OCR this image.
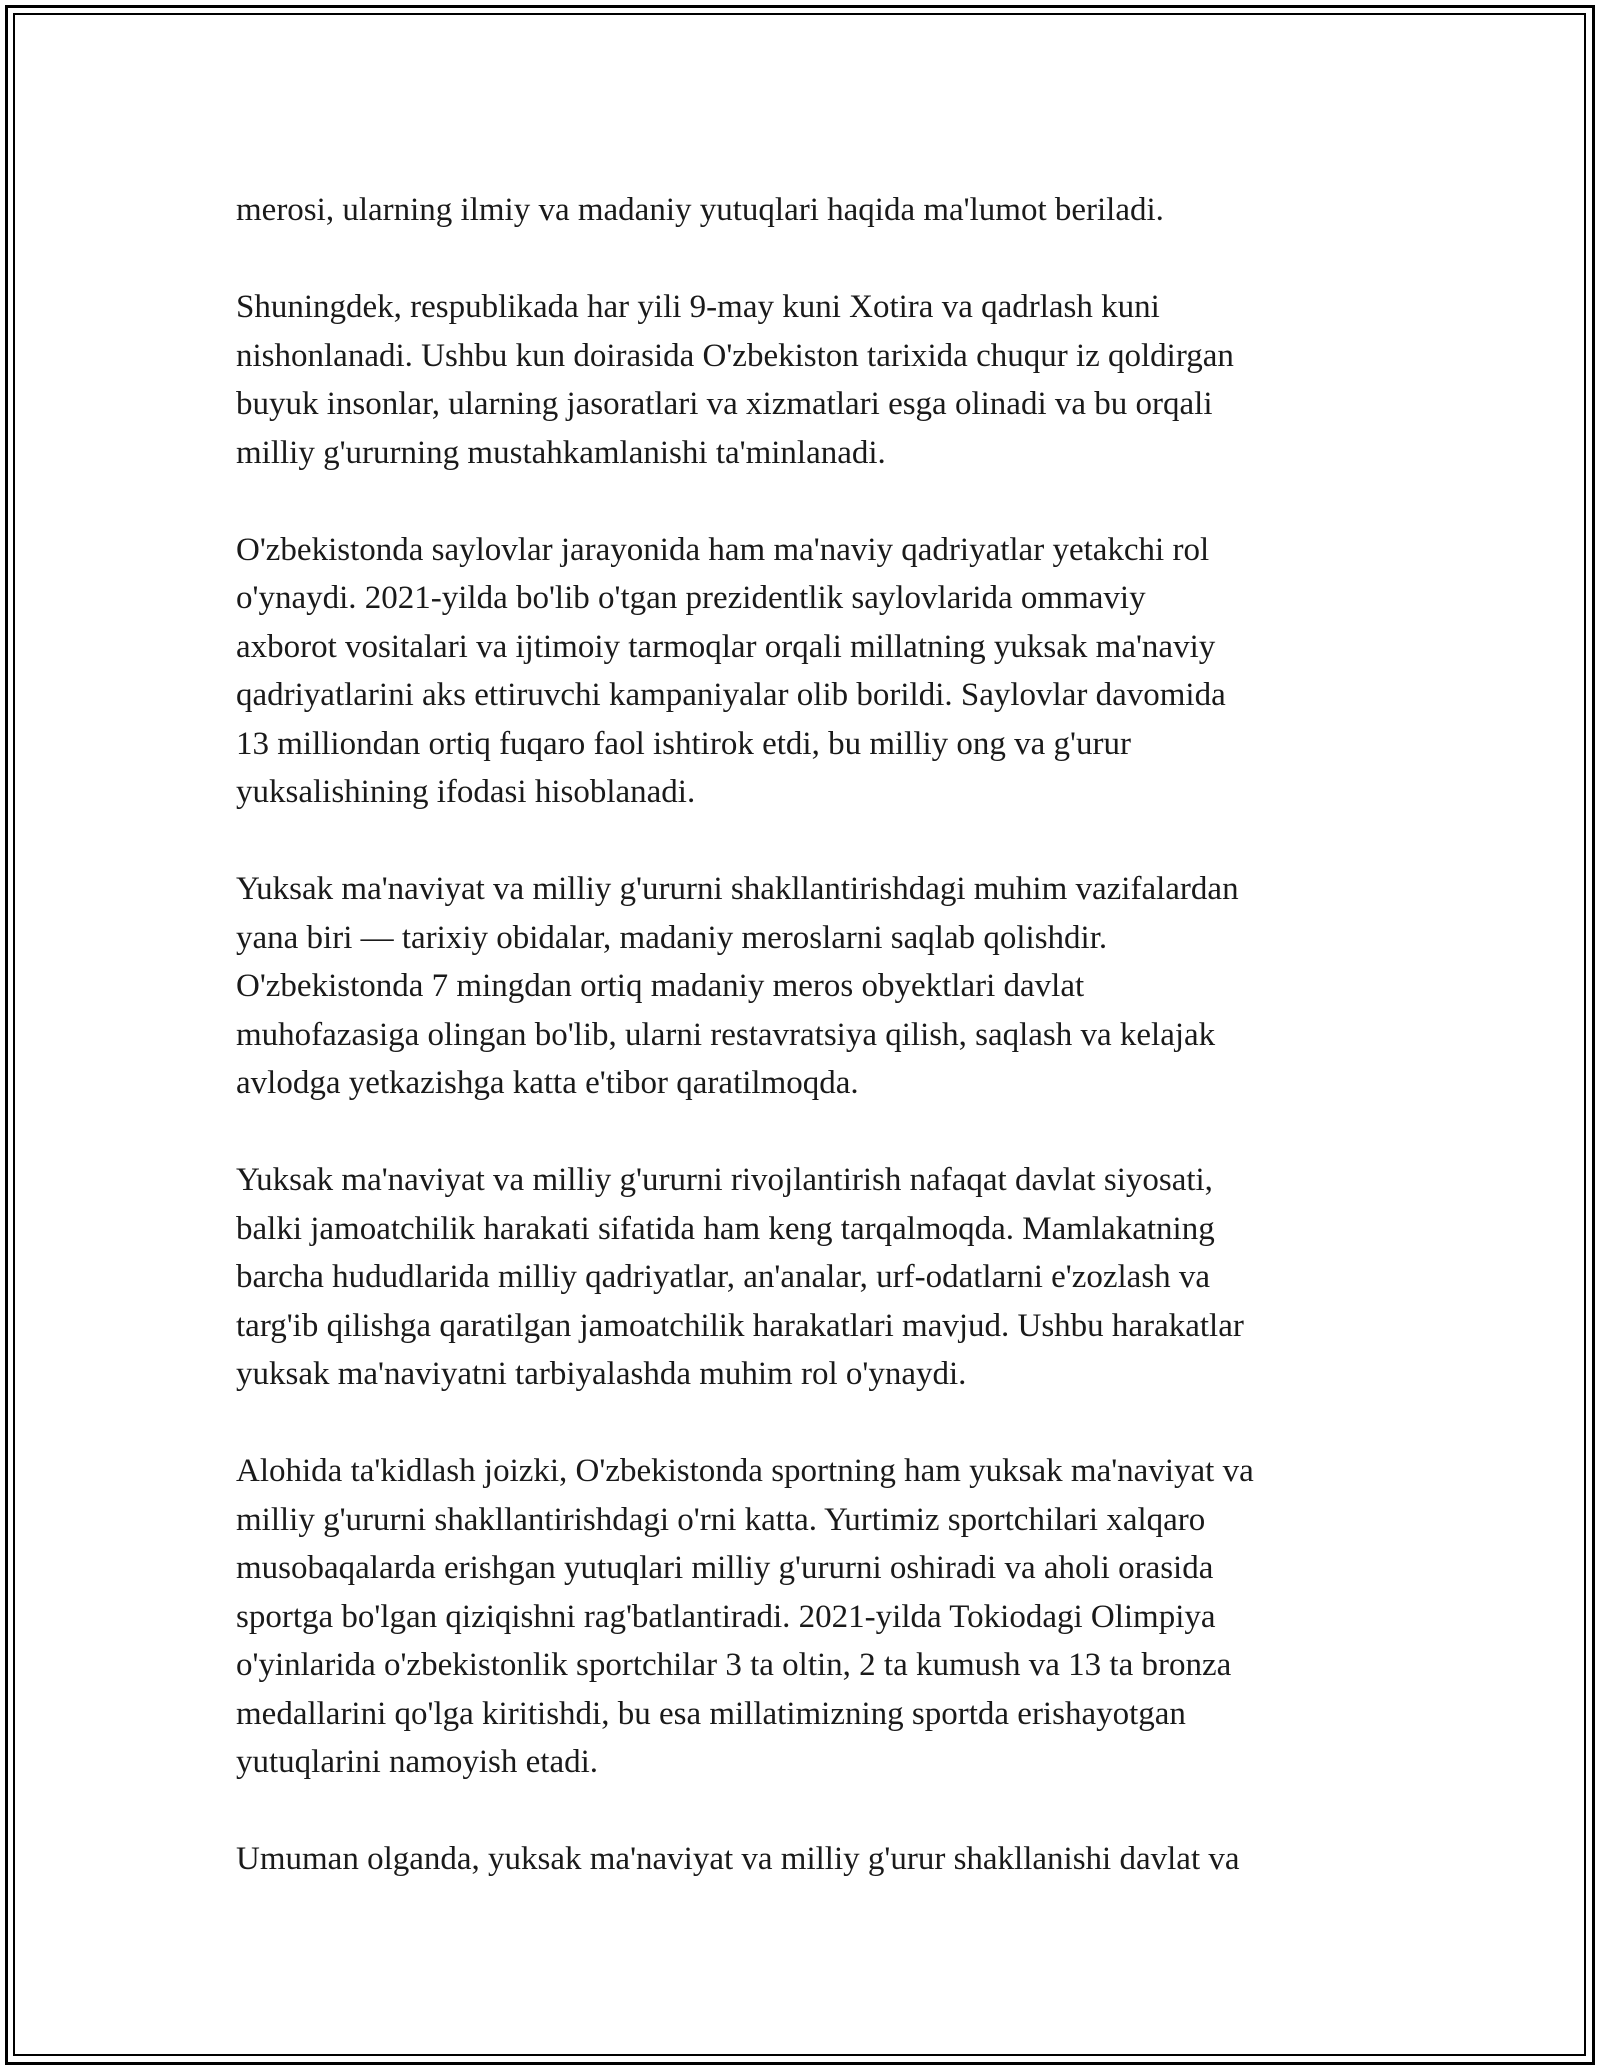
merosi, ularning ilmiy va madaniy yutuqlari haqida ma'lumot beriladi.
Shuningdek, respublikada har yili 9-may kuni Xotira va qadrlash kuni
nishonlanadi. Ushbu kun doirasida O'zbekiston tarixida chuqur iz qoldirgan
buyuk insonlar, ularning jasoratlari va xizmatlari esga olinadi va bu orqali
milliy g'ururning mustahkamlanishi ta'minlanadi.
O'zbekistonda saylovlar jarayonida ham ma'naviy qadriyatlar yetakchi rol
o'ynaydi. 2021-yilda bo'lib o'tgan prezidentlik saylovlarida ommaviy
axborot vositalari va ijtimoiy tarmoqlar orqali millatning yuksak ma'naviy
qadriyatlarini aks ettiruvchi kampaniyalar olib borildi. Saylovlar davomida
13 milliondan ortiq fuqaro faol ishtirok etdi, bu milliy ong va g'urur
yuksalishining ifodasi hisoblanadi.
Yuksak ma'naviyat va milliy g'ururni shakllantirishdagi muhim vazifalardan
yana biri — tarixiy obidalar, madaniy meroslarni saqlab qolishdir.
O'zbekistonda 7 mingdan ortiq madaniy meros obyektlari davlat
muhofazasiga olingan bo'lib, ularni restavratsiya qilish, saqlash va kelajak
avlodga yetkazishga katta e'tibor qaratilmoqda.
Yuksak ma'naviyat va milliy g'ururni rivojlantirish nafaqat davlat siyosati,
balki jamoatchilik harakati sifatida ham keng tarqalmoqda. Mamlakatning
barcha hududlarida milliy qadriyatlar, an'analar, urf-odatlarni e'zozlash va
targ'ib qilishga qaratilgan jamoatchilik harakatlari mavjud. Ushbu harakatlar
yuksak ma'naviyatni tarbiyalashda muhim rol o'ynaydi.
Alohida ta'kidlash joizki, O'zbekistonda sportning ham yuksak ma'naviyat va
milliy g'ururni shakllantirishdagi o'rni katta. Yurtimiz sportchilari xalqaro
musobaqalarda erishgan yutuqlari milliy g'ururni oshiradi va aholi orasida
sportga bo'lgan qiziqishni rag'batlantiradi. 2021-yilda Tokiodagi Olimpiya
o'yinlarida o'zbekistonlik sportchilar 3 ta oltin, 2 ta kumush va 13 ta bronza
medallarini qo'lga kiritishdi, bu esa millatimizning sportda erishayotgan
yutuqlarini namoyish etadi.
Umuman olganda, yuksak ma'naviyat va milliy g'urur shakllanishi davlat va
